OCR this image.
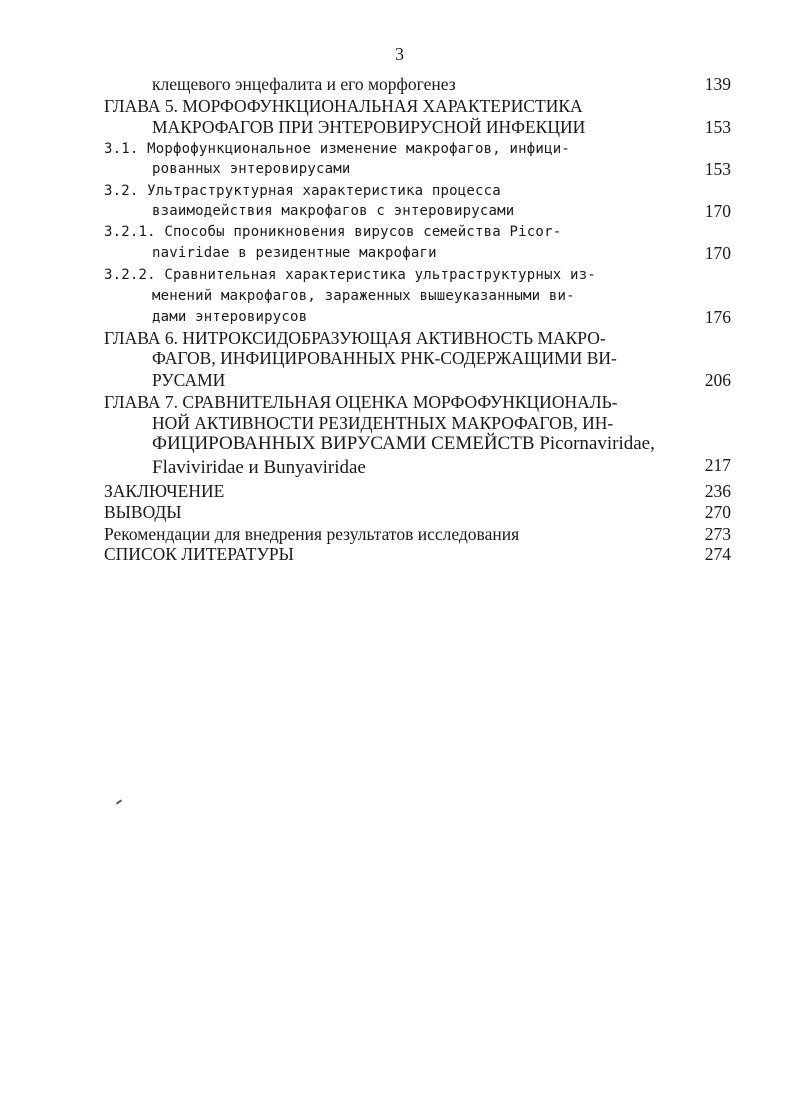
3
клещевого энцефалита и его морфогенез
ГЛАВА 5. МОРФОФУНКЦИОНАЛЬНАЯ ХАРАКТЕРИСТИКА
МАКРОФАГОВ ПРИ ЭНТЕРОВИРУСНОЙ ИНФЕКЦИИ
3.1. Морфофункциональное изменение макрофагов, инфици-
рованных энтеровирусами
3.2. Ультраструктурная характеристика процесса
взаимодействия макрофагов с энтеровирусами
3.2.1. Способы проникновения вирусов семейства Picor-
naviridae в резидентные макрофаги
3.2.2. Сравнительная характеристика ультраструктурных из-
менений макрофагов, зараженных вышеуказанными ви-
дами энтеровирусов
ГЛАВА 6. НИТРОКСИДОБРАЗУЮЩАЯ АКТИВНОСТЬ МАКРО-
ФАГОВ, ИНФИЦИРОВАННЫХ РНК-СОДЕРЖАЩИМИ ВИ-
РУСАМИ
ГЛАВА 7. СРАВНИТЕЛЬНАЯ ОЦЕНКА МОРФОФУНКЦИОНАЛЬ-
НОЙ АКТИВНОСТИ РЕЗИДЕНТНЫХ МАКРОФАГОВ, ИН-
ФИЦИРОВАННЫХ ВИРУСАМИ СЕМЕЙСТВ Picornaviridae,
Flaviviridae и Bunyaviridae
ЗАКЛЮЧЕНИЕ
ВЫВОДЫ
Рекомендации для внедрения результатов исследования
СПИСОК ЛИТЕРАТУРЫ
139
153
153
170
170
176
206
217
236
270
273
274
